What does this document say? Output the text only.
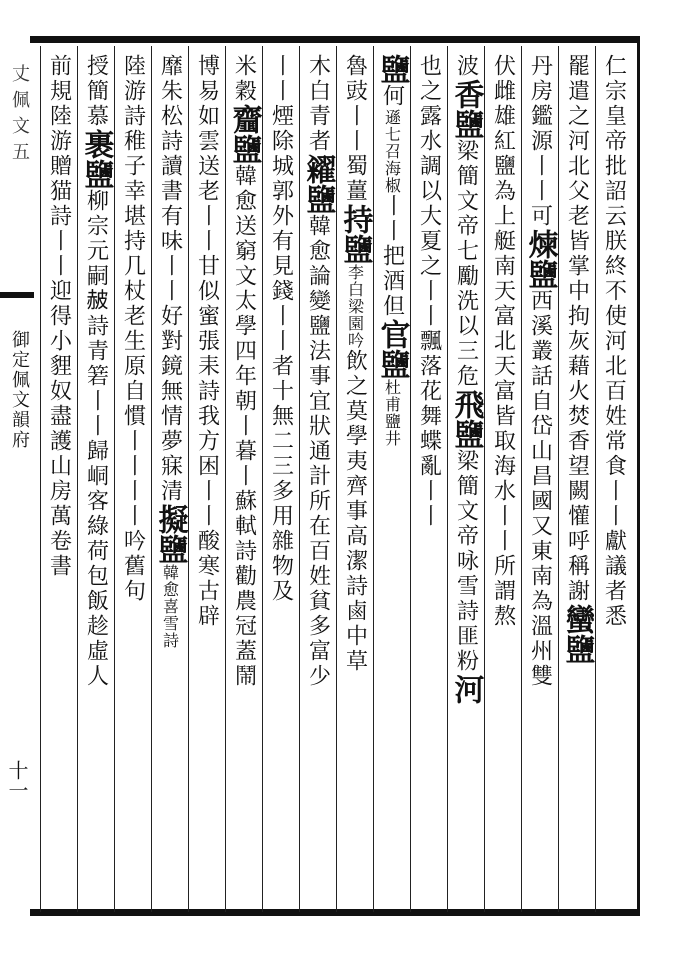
丈佩文五
御定佩文韻府
十一
仁宗皇帝批詔云朕終不使河北百姓常食丨丨獻議者悉
罷遣之河北父老皆掌中拘灰藉火焚香望闕懽呼稱謝蠻鹽
丹房鑑源丨丨可煉鹽西溪叢話自岱山昌國又東南為溫州雙
伏雌雄紅鹽為上艇南天富北天富皆取海水丨丨所謂熬
波香鹽梁簡文帝七勵洗以三危飛鹽梁簡文帝咏雪詩匪粉河
也之露水調以大夏之丨丨飄落花舞蝶亂丨丨
鹽何遜七召海椒丨丨把酒但官鹽杜甫鹽井
魯豉丨丨蜀薑持鹽李白梁園吟飲之莫學夷齊事高潔詩鹵中草
木白青者糴鹽韓愈論變鹽法事宜狀通計所在百姓貧多富少
丨丨煙除城郭外有見錢丨丨者十無二三多用雜物及
米穀齏鹽韓愈送窮文太學四年朝丨暮丨蘇軾詩勸農冠蓋鬧
博易如雲送老丨丨甘似蜜張耒詩我方困丨丨酸寒古辟
靡朱松詩讀書有味丨丨好對鏡無情夢寐清擬鹽韓愈喜雪詩
陸游詩稚子幸堪持几杖老生原自慣丨丨丨丨吟舊句
授簡慕裹鹽柳宗元嗣𧹞詩青箬丨丨歸峒客綠荷包飯趁虛人
前規陸游贈猫詩丨丨迎得小貍奴盡護山房萬卷書
